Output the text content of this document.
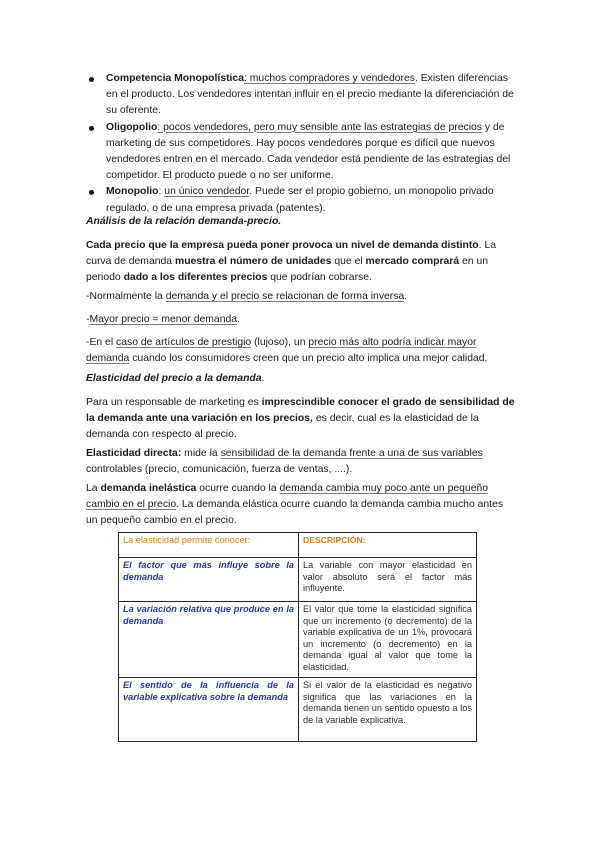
Competencia Monopolística: muchos compradores y vendedores. Existen diferencias en el producto. Los vendedores intentan influir en el precio mediante la diferenciación de su oferente.
Oligopolio: pocos vendedores, pero muy sensible ante las estrategias de precios y de marketing de sus competidores. Hay pocos vendedores porque es difícil que nuevos vendedores entren en el mercado. Cada vendedor está pendiente de las estrategias del competidor. El producto puede o no ser uniforme.
Monopolio: un único vendedor. Puede ser el propio gobierno, un monopolio privado regulado, o de una empresa privada (patentes).

Análisis de la relación demanda-precio.

Cada precio que la empresa pueda poner provoca un nivel de demanda distinto. La curva de demanda muestra el número de unidades que el mercado comprará en un periodo dado a los diferentes precios que podrían cobrarse.

-Normalmente la demanda y el precio se relacionan de forma inversa.

-Mayor precio = menor demanda.

-En el caso de artículos de prestigio (lujoso), un precio más alto podría indicar mayor demanda cuando los consumidores creen que un precio alto implica una mejor calidad.

Elasticidad del precio a la demanda.

Para un responsable de marketing es imprescindible conocer el grado de sensibilidad de la demanda ante una variación en los precios, es decir, cual es la elasticidad de la demanda con respecto al precio.

Elasticidad directa: mide la sensibilidad de la demanda frente a una de sus variables controlables (precio, comunicación, fuerza de ventas, ....).

La demanda inelástica ocurre cuando la demanda cambia muy poco ante un pequeño cambio en el precio. La demanda elástica ocurre cuando la demanda cambia mucho antes un pequeño cambio en el precio.

La elasticidad permite conocer:	DESCRIPCIÓN:
El factor que más influye sobre la demanda	La variable con mayor elasticidad en valor absoluto será el factor más influyente.
La variación relativa que produce en la demanda	El valor que tome la elasticidad significa que un incremento (o decremento) de la variable explicativa de un 1%, provocará un incremento (o decremento) en la demanda igual al valor que tome la elasticidad.
El sentido de la influencia de la variable explicativa sobre la demanda	Si el valor de la elasticidad es negativo significa que las variaciones en la demanda tienen un sentido opuesto a los de la variable explicativa.
